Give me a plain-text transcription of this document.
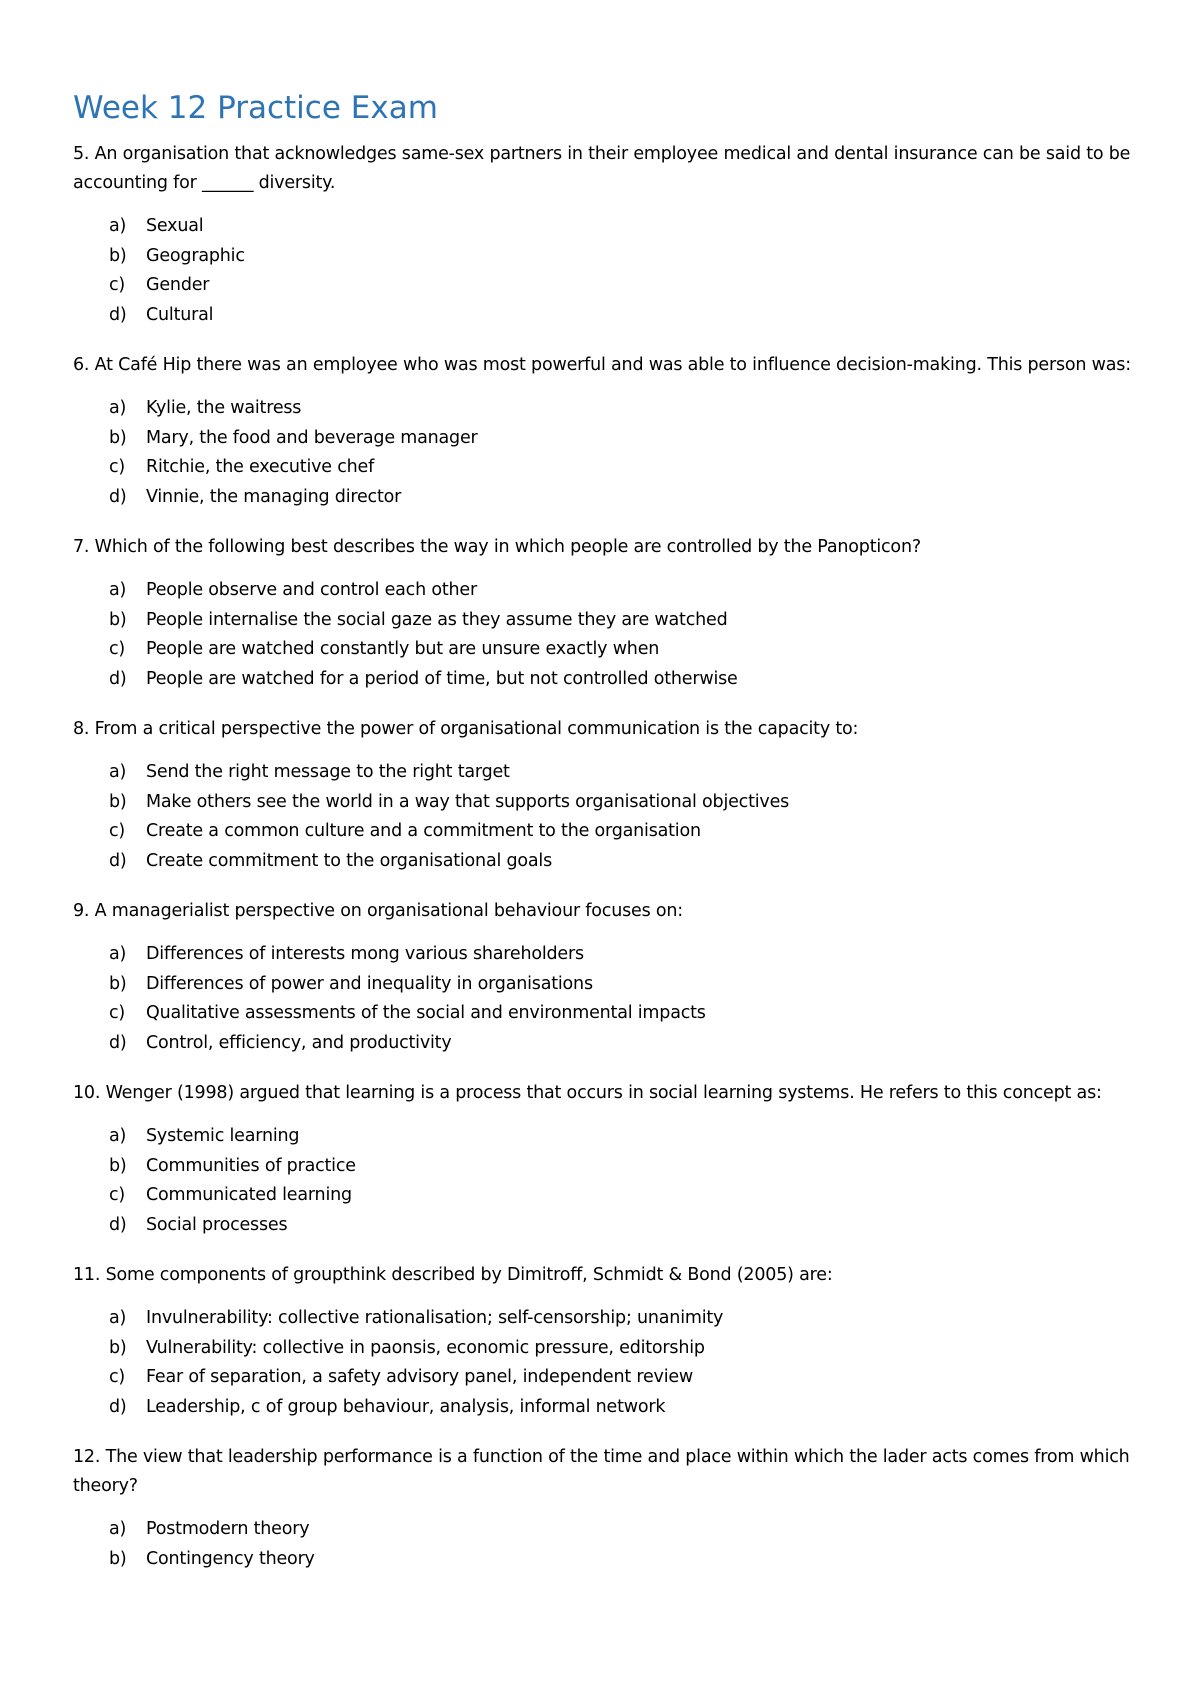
Week 12 Practice Exam

5. An organisation that acknowledges same-sex partners in their employee medical and dental insurance can be said to be accounting for ______ diversity.

a)	Sexual
b)	Geographic
c)	Gender
d)	Cultural

6. At Café Hip there was an employee who was most powerful and was able to influence decision-making. This person was:

a)	Kylie, the waitress
b)	Mary, the food and beverage manager
c)	Ritchie, the executive chef
d)	Vinnie, the managing director

7. Which of the following best describes the way in which people are controlled by the Panopticon?

a)	People observe and control each other
b)	People internalise the social gaze as they assume they are watched
c)	People are watched constantly but are unsure exactly when
d)	People are watched for a period of time, but not controlled otherwise

8. From a critical perspective the power of organisational communication is the capacity to:

a)	Send the right message to the right target
b)	Make others see the world in a way that supports organisational objectives
c)	Create a common culture and a commitment to the organisation
d)	Create commitment to the organisational goals

9. A managerialist perspective on organisational behaviour focuses on:

a)	Differences of interests mong various shareholders
b)	Differences of power and inequality in organisations
c)	Qualitative assessments of the social and environmental impacts
d)	Control, efficiency, and productivity

10. Wenger (1998) argued that learning is a process that occurs in social learning systems. He refers to this concept as:

a)	Systemic learning
b)	Communities of practice
c)	Communicated learning
d)	Social processes

11. Some components of groupthink described by Dimitroff, Schmidt & Bond (2005) are:

a)	Invulnerability: collective rationalisation; self-censorship; unanimity
b)	Vulnerability: collective in paonsis, economic pressure, editorship
c)	Fear of separation, a safety advisory panel, independent review
d)	Leadership, c of group behaviour, analysis, informal network

12. The view that leadership performance is a function of the time and place within which the lader acts comes from which theory?

a)	Postmodern theory
b)	Contingency theory
